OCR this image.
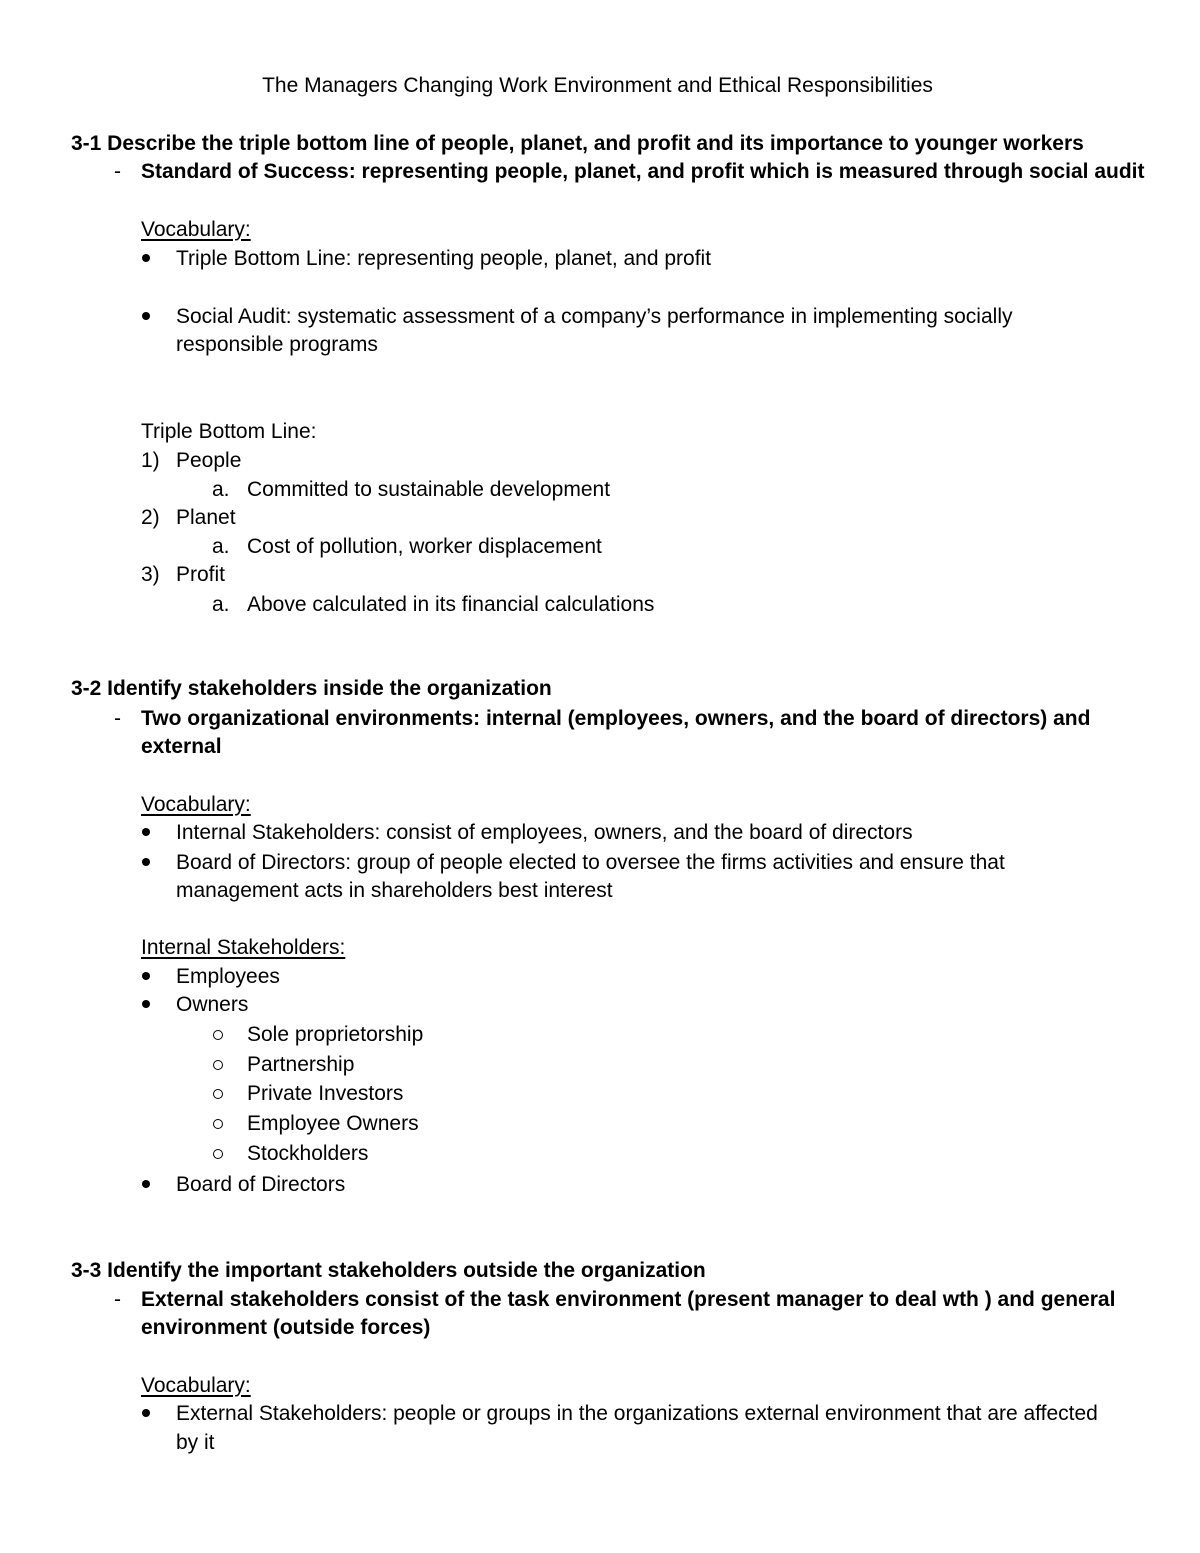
The Managers Changing Work Environment and Ethical Responsibilities
3-1 Describe the triple bottom line of people, planet, and profit and its importance to younger workers
- Standard of Success: representing people, planet, and profit which is measured through social audit
Vocabulary:
Triple Bottom Line: representing people, planet, and profit
Social Audit: systematic assessment of a company’s performance in implementing socially
responsible programs
Triple Bottom Line:
1) People
a. Committed to sustainable development
2) Planet
a. Cost of pollution, worker displacement
3) Profit
a. Above calculated in its financial calculations
3-2 Identify stakeholders inside the organization
- Two organizational environments: internal (employees, owners, and the board of directors) and
external
Vocabulary:
Internal Stakeholders: consist of employees, owners, and the board of directors
Board of Directors: group of people elected to oversee the firms activities and ensure that
management acts in shareholders best interest
Internal Stakeholders:
Employees
Owners
Sole proprietorship
Partnership
Private Investors
Employee Owners
Stockholders
Board of Directors
3-3 Identify the important stakeholders outside the organization
- External stakeholders consist of the task environment (present manager to deal wth ) and general
environment (outside forces)
Vocabulary:
External Stakeholders: people or groups in the organizations external environment that are affected
by it
